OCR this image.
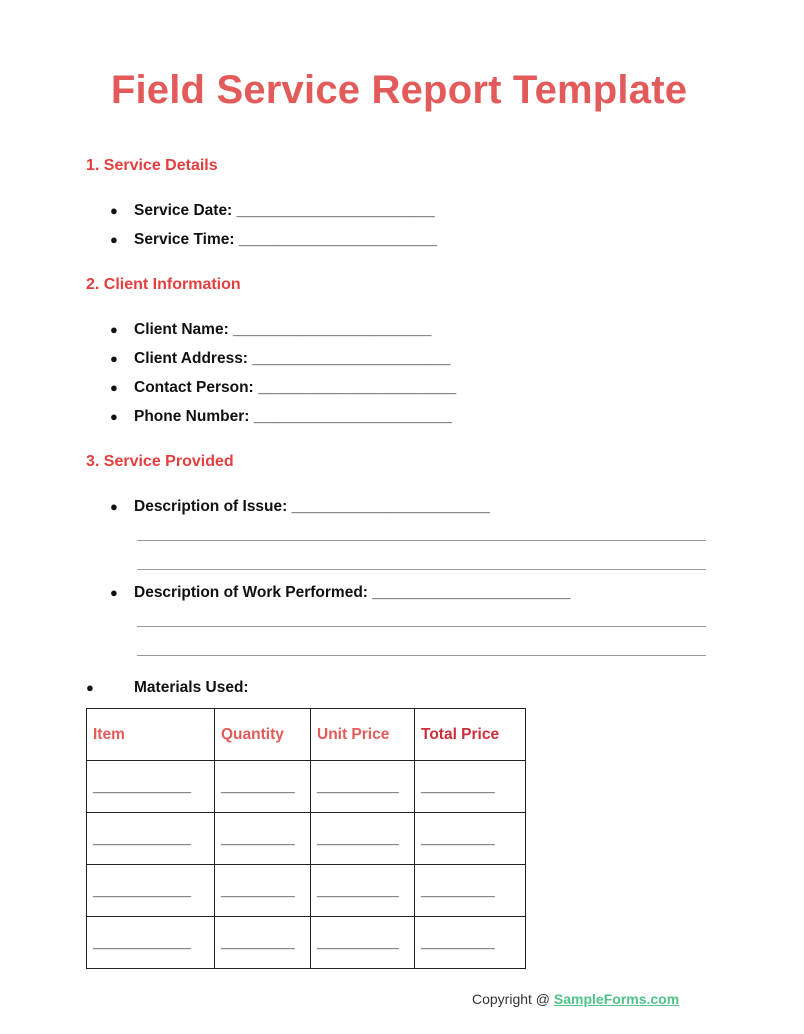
Field Service Report Template
1. Service Details
● Service Date: _______________________
● Service Time: _______________________
2. Client Information
● Client Name: _______________________
● Client Address: _______________________
● Contact Person: _______________________
● Phone Number: _______________________
3. Service Provided
● Description of Issue: _______________________
● Description of Work Performed: _______________________
●	Materials Used:
Item	Quantity	Unit Price	Total Price
____________	_________	__________	_________
____________	_________	__________	_________
____________	_________	__________	_________
____________	_________	__________	_________
Copyright @ SampleForms.com
